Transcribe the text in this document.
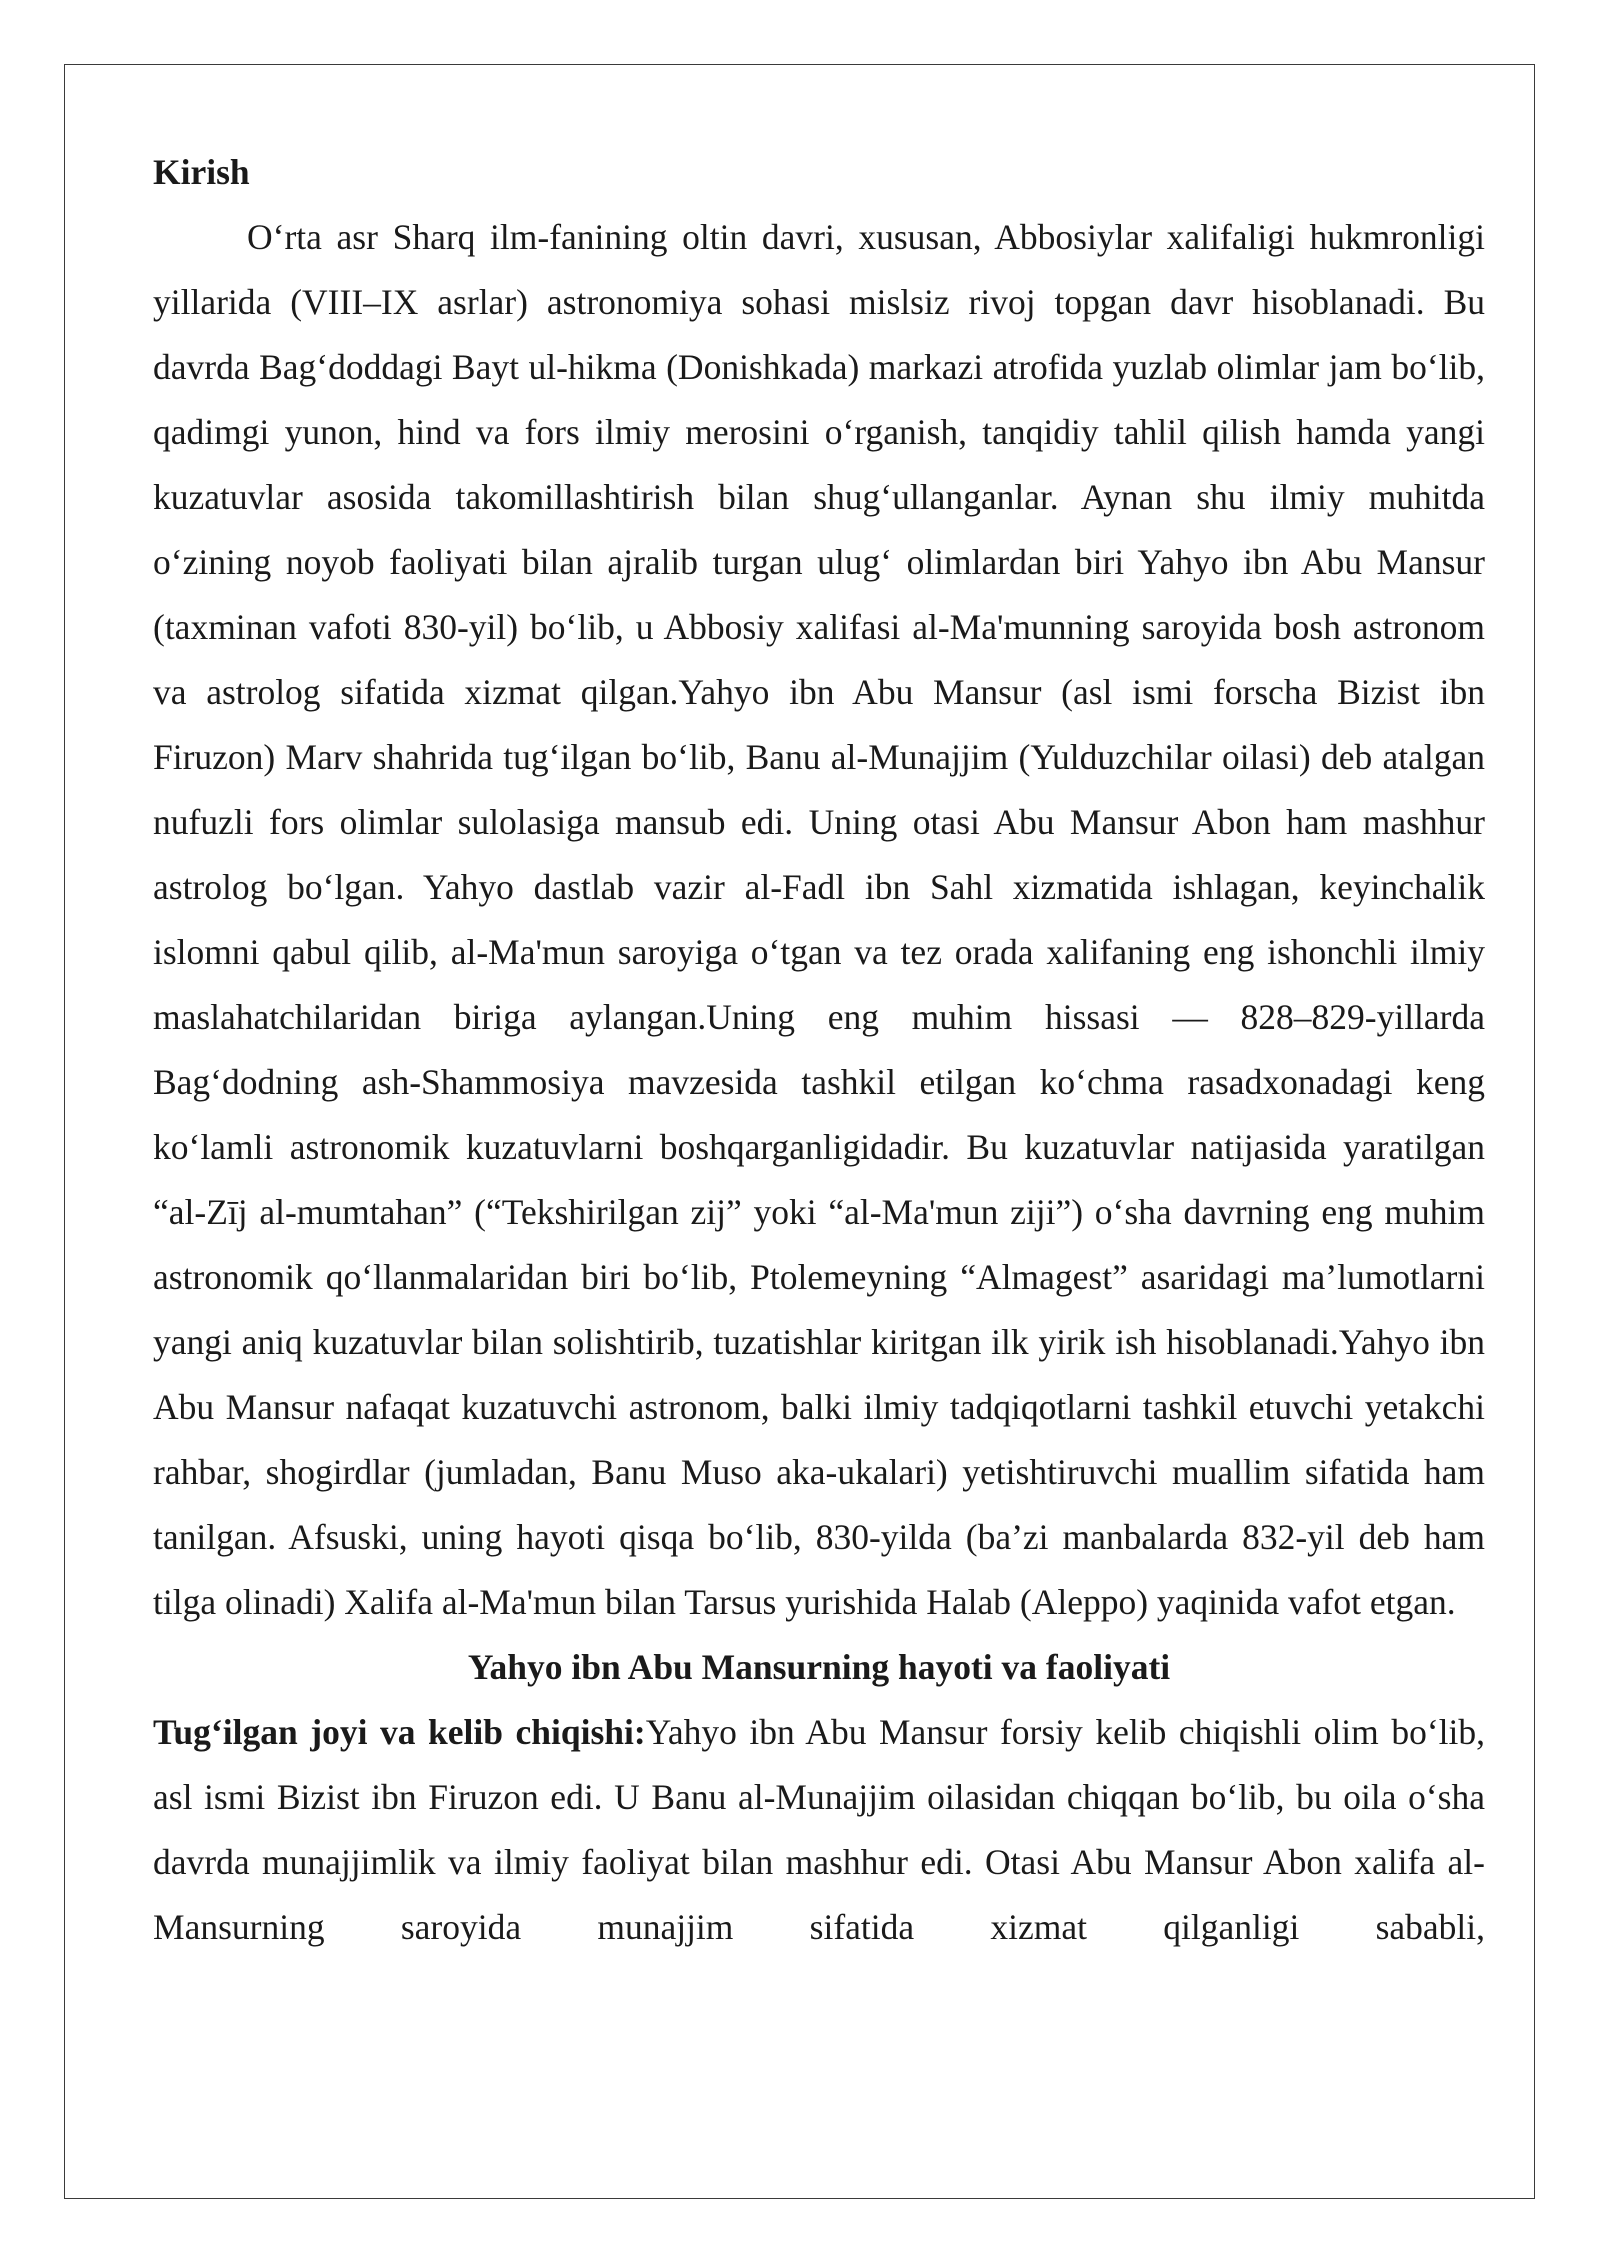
Kirish

O‘rta asr Sharq ilm-fanining oltin davri, xususan, Abbosiylar xalifaligi hukmronligi yillarida (VIII–IX asrlar) astronomiya sohasi mislsiz rivoj topgan davr hisoblanadi. Bu davrda Bag‘doddagi Bayt ul-hikma (Donishkada) markazi atrofida yuzlab olimlar jam bo‘lib, qadimgi yunon, hind va fors ilmiy merosini o‘rganish, tanqidiy tahlil qilish hamda yangi kuzatuvlar asosida takomillashtirish bilan shug‘ullanganlar. Aynan shu ilmiy muhitda o‘zining noyob faoliyati bilan ajralib turgan ulug‘ olimlardan biri Yahyo ibn Abu Mansur (taxminan vafoti 830-yil) bo‘lib, u Abbosiy xalifasi al-Ma'munning saroyida bosh astronom va astrolog sifatida xizmat qilgan.Yahyo ibn Abu Mansur (asl ismi forscha Bizist ibn Firuzon) Marv shahrida tug‘ilgan bo‘lib, Banu al-Munajjim (Yulduzchilar oilasi) deb atalgan nufuzli fors olimlar sulolasiga mansub edi. Uning otasi Abu Mansur Abon ham mashhur astrolog bo‘lgan. Yahyo dastlab vazir al-Fadl ibn Sahl xizmatida ishlagan, keyinchalik islomni qabul qilib, al-Ma'mun saroyiga o‘tgan va tez orada xalifaning eng ishonchli ilmiy maslahatchilaridan biriga aylangan.Uning eng muhim hissasi — 828–829-yillarda Bag‘dodning ash-Shammosiya mavzesida tashkil etilgan ko‘chma rasadxonadagi keng ko‘lamli astronomik kuzatuvlarni boshqarganligidadir. Bu kuzatuvlar natijasida yaratilgan “al-Zīj al-mumtahan” (“Tekshirilgan zij” yoki “al-Ma'mun ziji”) o‘sha davrning eng muhim astronomik qo‘llanmalaridan biri bo‘lib, Ptolemeyning “Almagest” asaridagi ma’lumotlarni yangi aniq kuzatuvlar bilan solishtirib, tuzatishlar kiritgan ilk yirik ish hisoblanadi.Yahyo ibn Abu Mansur nafaqat kuzatuvchi astronom, balki ilmiy tadqiqotlarni tashkil etuvchi yetakchi rahbar, shogirdlar (jumladan, Banu Muso aka-ukalari) yetishtiruvchi muallim sifatida ham tanilgan. Afsuski, uning hayoti qisqa bo‘lib, 830-yilda (ba’zi manbalarda 832-yil deb ham tilga olinadi) Xalifa al-Ma'mun bilan Tarsus yurishida Halab (Aleppo) yaqinida vafot etgan.

Yahyo ibn Abu Mansurning hayoti va faoliyati

Tug‘ilgan joyi va kelib chiqishi:Yahyo ibn Abu Mansur forsiy kelib chiqishli olim bo‘lib, asl ismi Bizist ibn Firuzon edi. U Banu al-Munajjim oilasidan chiqqan bo‘lib, bu oila o‘sha davrda munajjimlik va ilmiy faoliyat bilan mashhur edi. Otasi Abu Mansur Abon xalifa al-Mansurning saroyida munajjim sifatida xizmat qilganligi sababli,
